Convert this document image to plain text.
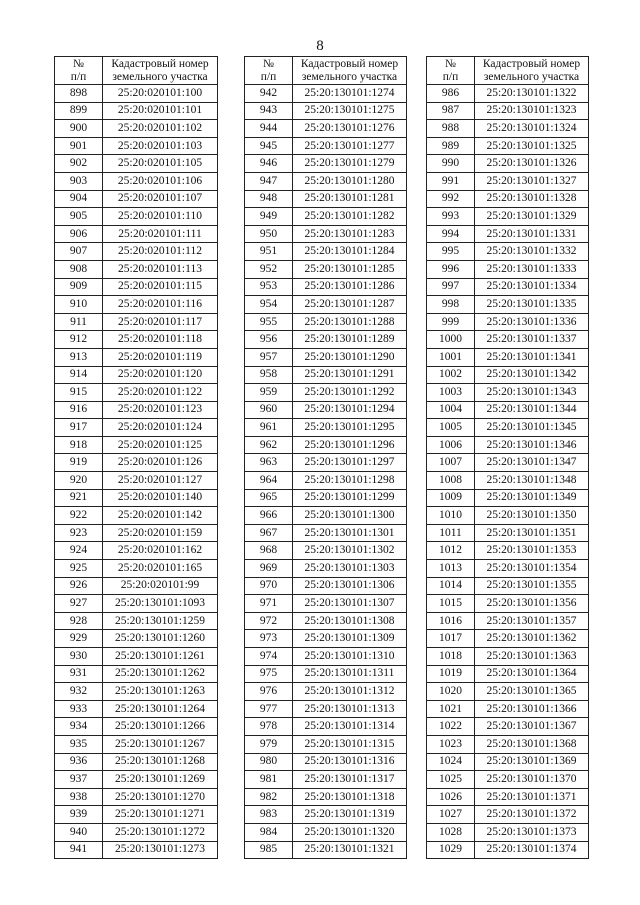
8
№
п/п	Кадастровый номер
земельного участка
898	25:20:020101:100
899	25:20:020101:101
900	25:20:020101:102
901	25:20:020101:103
902	25:20:020101:105
903	25:20:020101:106
904	25:20:020101:107
905	25:20:020101:110
906	25:20:020101:111
907	25:20:020101:112
908	25:20:020101:113
909	25:20:020101:115
910	25:20:020101:116
911	25:20:020101:117
912	25:20:020101:118
913	25:20:020101:119
914	25:20:020101:120
915	25:20:020101:122
916	25:20:020101:123
917	25:20:020101:124
918	25:20:020101:125
919	25:20:020101:126
920	25:20:020101:127
921	25:20:020101:140
922	25:20:020101:142
923	25:20:020101:159
924	25:20:020101:162
925	25:20:020101:165
926	25:20:020101:99
927	25:20:130101:1093
928	25:20:130101:1259
929	25:20:130101:1260
930	25:20:130101:1261
931	25:20:130101:1262
932	25:20:130101:1263
933	25:20:130101:1264
934	25:20:130101:1266
935	25:20:130101:1267
936	25:20:130101:1268
937	25:20:130101:1269
938	25:20:130101:1270
939	25:20:130101:1271
940	25:20:130101:1272
941	25:20:130101:1273
№
п/п	Кадастровый номер
земельного участка
942	25:20:130101:1274
943	25:20:130101:1275
944	25:20:130101:1276
945	25:20:130101:1277
946	25:20:130101:1279
947	25:20:130101:1280
948	25:20:130101:1281
949	25:20:130101:1282
950	25:20:130101:1283
951	25:20:130101:1284
952	25:20:130101:1285
953	25:20:130101:1286
954	25:20:130101:1287
955	25:20:130101:1288
956	25:20:130101:1289
957	25:20:130101:1290
958	25:20:130101:1291
959	25:20:130101:1292
960	25:20:130101:1294
961	25:20:130101:1295
962	25:20:130101:1296
963	25:20:130101:1297
964	25:20:130101:1298
965	25:20:130101:1299
966	25:20:130101:1300
967	25:20:130101:1301
968	25:20:130101:1302
969	25:20:130101:1303
970	25:20:130101:1306
971	25:20:130101:1307
972	25:20:130101:1308
973	25:20:130101:1309
974	25:20:130101:1310
975	25:20:130101:1311
976	25:20:130101:1312
977	25:20:130101:1313
978	25:20:130101:1314
979	25:20:130101:1315
980	25:20:130101:1316
981	25:20:130101:1317
982	25:20:130101:1318
983	25:20:130101:1319
984	25:20:130101:1320
985	25:20:130101:1321
№
п/п	Кадастровый номер
земельного участка
986	25:20:130101:1322
987	25:20:130101:1323
988	25:20:130101:1324
989	25:20:130101:1325
990	25:20:130101:1326
991	25:20:130101:1327
992	25:20:130101:1328
993	25:20:130101:1329
994	25:20:130101:1331
995	25:20:130101:1332
996	25:20:130101:1333
997	25:20:130101:1334
998	25:20:130101:1335
999	25:20:130101:1336
1000	25:20:130101:1337
1001	25:20:130101:1341
1002	25:20:130101:1342
1003	25:20:130101:1343
1004	25:20:130101:1344
1005	25:20:130101:1345
1006	25:20:130101:1346
1007	25:20:130101:1347
1008	25:20:130101:1348
1009	25:20:130101:1349
1010	25:20:130101:1350
1011	25:20:130101:1351
1012	25:20:130101:1353
1013	25:20:130101:1354
1014	25:20:130101:1355
1015	25:20:130101:1356
1016	25:20:130101:1357
1017	25:20:130101:1362
1018	25:20:130101:1363
1019	25:20:130101:1364
1020	25:20:130101:1365
1021	25:20:130101:1366
1022	25:20:130101:1367
1023	25:20:130101:1368
1024	25:20:130101:1369
1025	25:20:130101:1370
1026	25:20:130101:1371
1027	25:20:130101:1372
1028	25:20:130101:1373
1029	25:20:130101:1374
